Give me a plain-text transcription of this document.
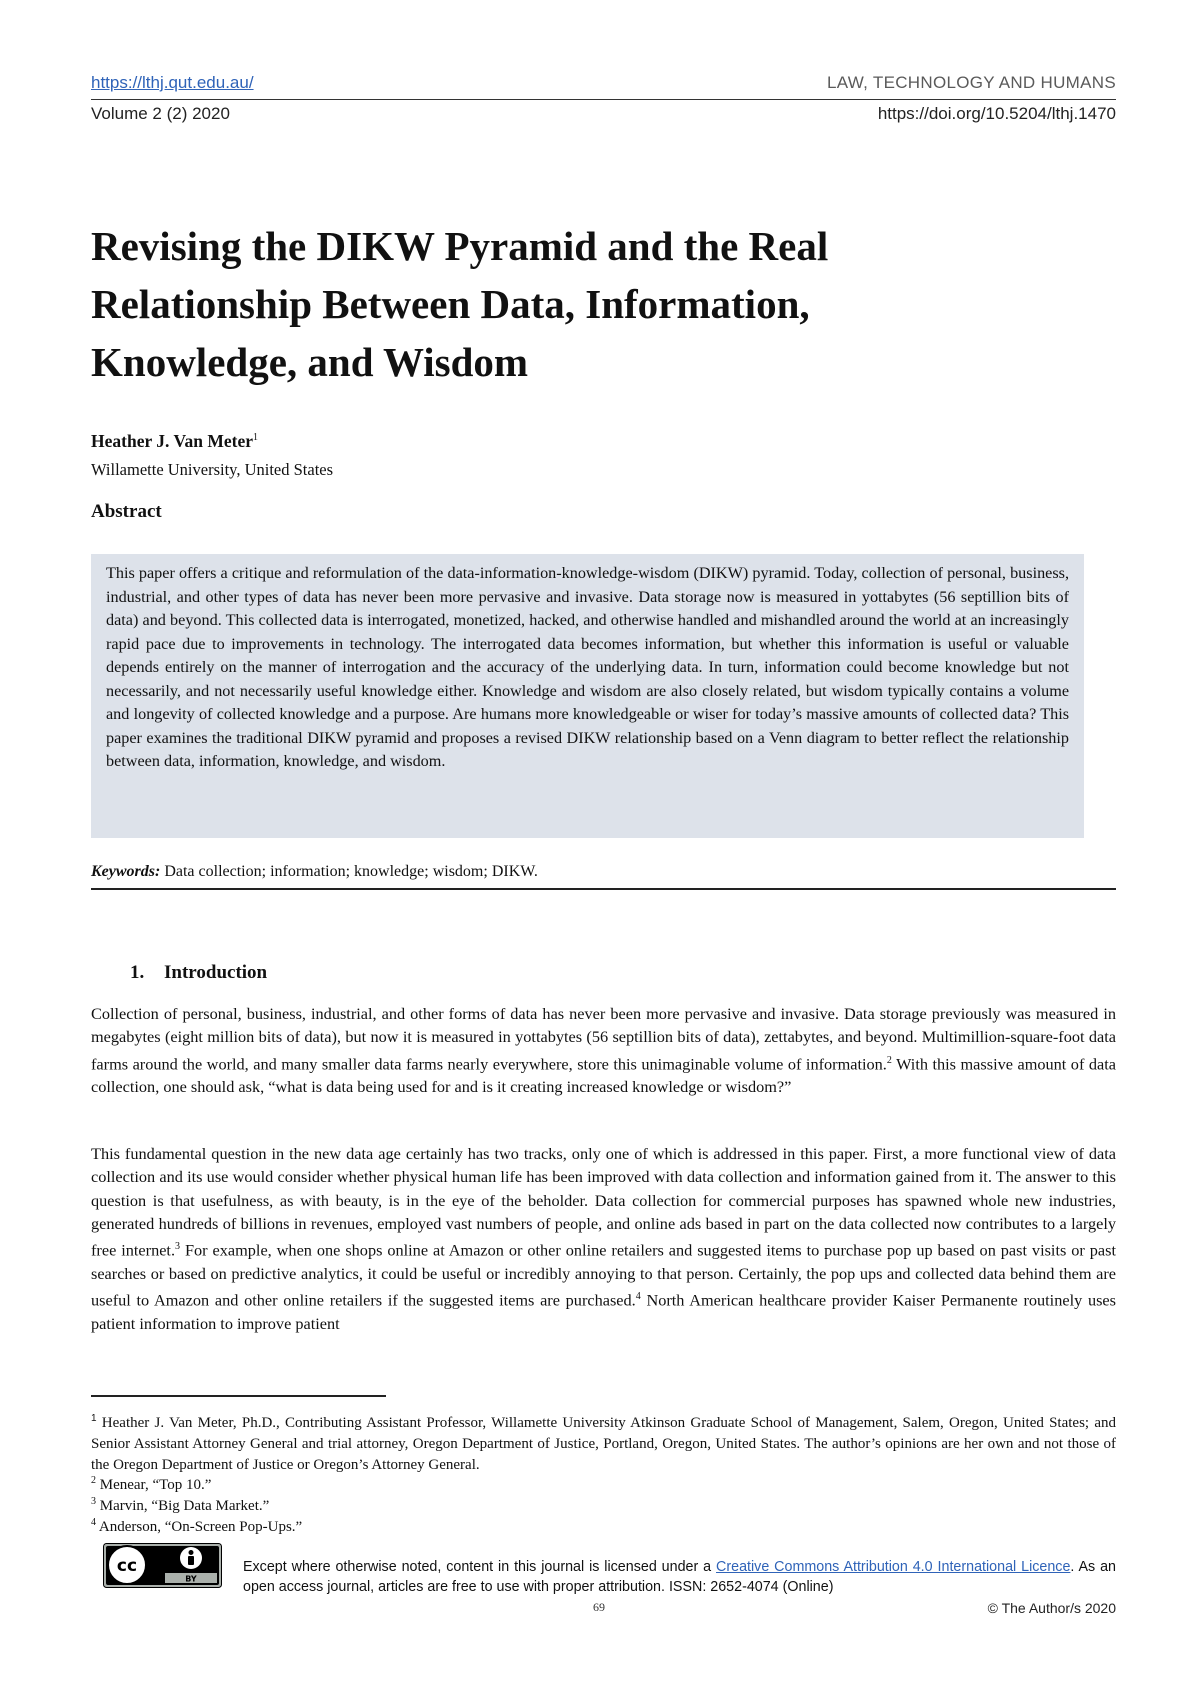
https://lthj.qut.edu.au/	LAW, TECHNOLOGY AND HUMANS
Volume 2 (2) 2020	https://doi.org/10.5204/lthj.1470
Revising the DIKW Pyramid and the Real Relationship Between Data, Information, Knowledge, and Wisdom
Heather J. Van Meter$^1$
Willamette University, United States
Abstract
This paper offers a critique and reformulation of the data-information-knowledge-wisdom (DIKW) pyramid. Today, collection of personal, business, industrial, and other types of data has never been more pervasive and invasive. Data storage now is measured in yottabytes (56 septillion bits of data) and beyond. This collected data is interrogated, monetized, hacked, and otherwise handled and mishandled around the world at an increasingly rapid pace due to improvements in technology. The interrogated data becomes information, but whether this information is useful or valuable depends entirely on the manner of interrogation and the accuracy of the underlying data. In turn, information could become knowledge but not necessarily, and not necessarily useful knowledge either. Knowledge and wisdom are also closely related, but wisdom typically contains a volume and longevity of collected knowledge and a purpose. Are humans more knowledgeable or wiser for today’s massive amounts of collected data? This paper examines the traditional DIKW pyramid and proposes a revised DIKW relationship based on a Venn diagram to better reflect the relationship between data, information, knowledge, and wisdom.
Keywords: Data collection; information; knowledge; wisdom; DIKW.
1. Introduction

Collection of personal, business, industrial, and other forms of data has never been more pervasive and invasive. Data storage previously was measured in megabytes (eight million bits of data), but now it is measured in yottabytes (56 septillion bits of data), zettabytes, and beyond. Multimillion-square-foot data farms around the world, and many smaller data farms nearly everywhere, store this unimaginable volume of information.$^2$ With this massive amount of data collection, one should ask, “what is data being used for and is it creating increased knowledge or wisdom?”

This fundamental question in the new data age certainly has two tracks, only one of which is addressed in this paper. First, a more functional view of data collection and its use would consider whether physical human life has been improved with data collection and information gained from it. The answer to this question is that usefulness, as with beauty, is in the eye of the beholder. Data collection for commercial purposes has spawned whole new industries, generated hundreds of billions in revenues, employed vast numbers of people, and online ads based in part on the data collected now contributes to a largely free internet.$^3$ For example, when one shops online at Amazon or other online retailers and suggested items to purchase pop up based on past visits or past searches or based on predictive analytics, it could be useful or incredibly annoying to that person. Certainly, the pop ups and collected data behind them are useful to Amazon and other online retailers if the suggested items are purchased.$^4$ North American healthcare provider Kaiser Permanente routinely uses patient information to improve patient

$^1$ Heather J. Van Meter, Ph.D., Contributing Assistant Professor, Willamette University Atkinson Graduate School of Management, Salem, Oregon, United States; and Senior Assistant Attorney General and trial attorney, Oregon Department of Justice, Portland, Oregon, United States. The author’s opinions are her own and not those of the Oregon Department of Justice or Oregon’s Attorney General.

$^2$ Menear, “Top 10.”

$^3$ Marvin, “Big Data Market.”

$^4$ Anderson, “On-Screen Pop-Ups.”

cc
BY

Except where otherwise noted, content in this journal is licensed under a Creative Commons Attribution 4.0 International Licence. As an open access journal, articles are free to use with proper attribution. ISSN: 2652-4074 (Online)

69	© The Author/s 2020
